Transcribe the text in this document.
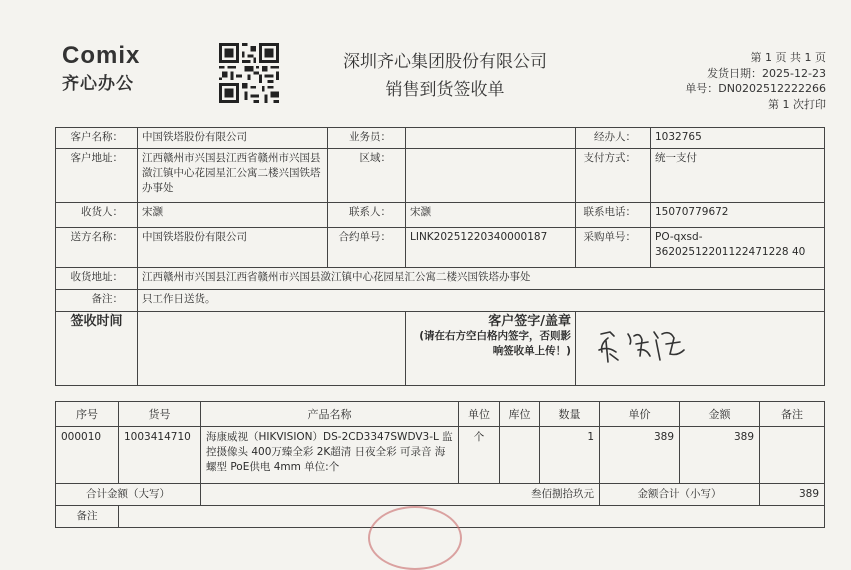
Comix
齐心办公
深圳齐心集团股份有限公司
销售到货签收单
第 1 页 共 1 页
发货日期：2025-12-23
单号：DN0202512222266
第 1 次打印
客户名称：	中国铁塔股份有限公司	业务员：		经办人：	1032765
客户地址：	江西赣州市兴国县江西省赣州市兴国县潋江镇中心花园星汇公寓二楼兴国铁塔办事处	区域：		支付方式：	统一支付
收货人：	宋灏	联系人：	宋灏	联系电话：	15070779672
送方名称：	中国铁塔股份有限公司	合约单号：	LINK20251220340000187	采购单号：	PO-qxsd-36202512201122471228 40
收货地址：	江西赣州市兴国县江西省赣州市兴国县潋江镇中心花园星汇公寓二楼兴国铁塔办事处				
备注：	只工作日送货。				
签收时间			客户签字/盖章
(请在右方空白格内签字，否则影
响签收单上传！)

序号	货号	产品名称	单位	库位	数量	单价	金额	备注
000010	1003414710	海康威视（HIKVISION）DS-2CD3347SWDV3-L 监控摄像头 400万臻全彩 2K超清 日夜全彩 可录音 海螺型 PoE供电 4mm 单位:个	个		1	389	389	
合计金额（大写）		叁佰捌拾玖元				金额合计（小写）		389
备注								
